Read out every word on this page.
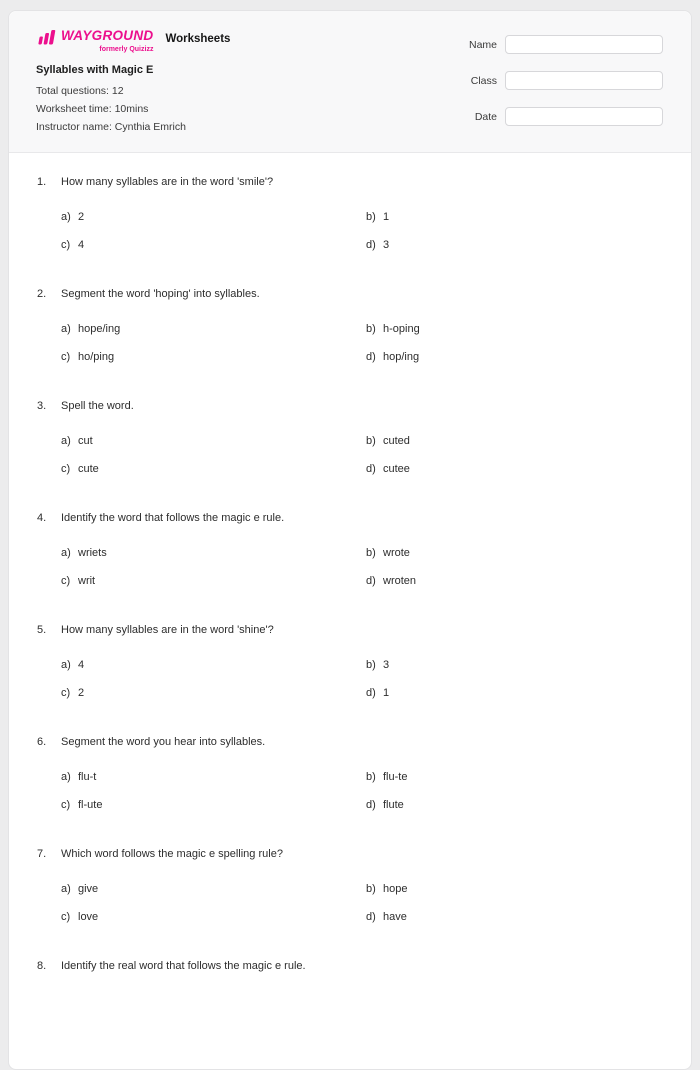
WAYGROUND
formerly Quizizz
Worksheets
Syllables with Magic E
Total questions: 12
Worksheet time: 10mins
Instructor name: Cynthia Emrich
Name
Class
Date
1.	How many syllables are in the word 'smile'?
a) 2	b) 1
c) 4	d) 3
2.	Segment the word 'hoping' into syllables.
a) hope/ing	b) h-oping
c) ho/ping	d) hop/ing
3.	Spell the word.
a) cut	b) cuted
c) cute	d) cutee
4.	Identify the word that follows the magic e rule.
a) wriets	b) wrote
c) writ	d) wroten
5.	How many syllables are in the word 'shine'?
a) 4	b) 3
c) 2	d) 1
6.	Segment the word you hear into syllables.
a) flu-t	b) flu-te
c) fl-ute	d) flute
7.	Which word follows the magic e spelling rule?
a) give	b) hope
c) love	d) have
8.	Identify the real word that follows the magic e rule.
